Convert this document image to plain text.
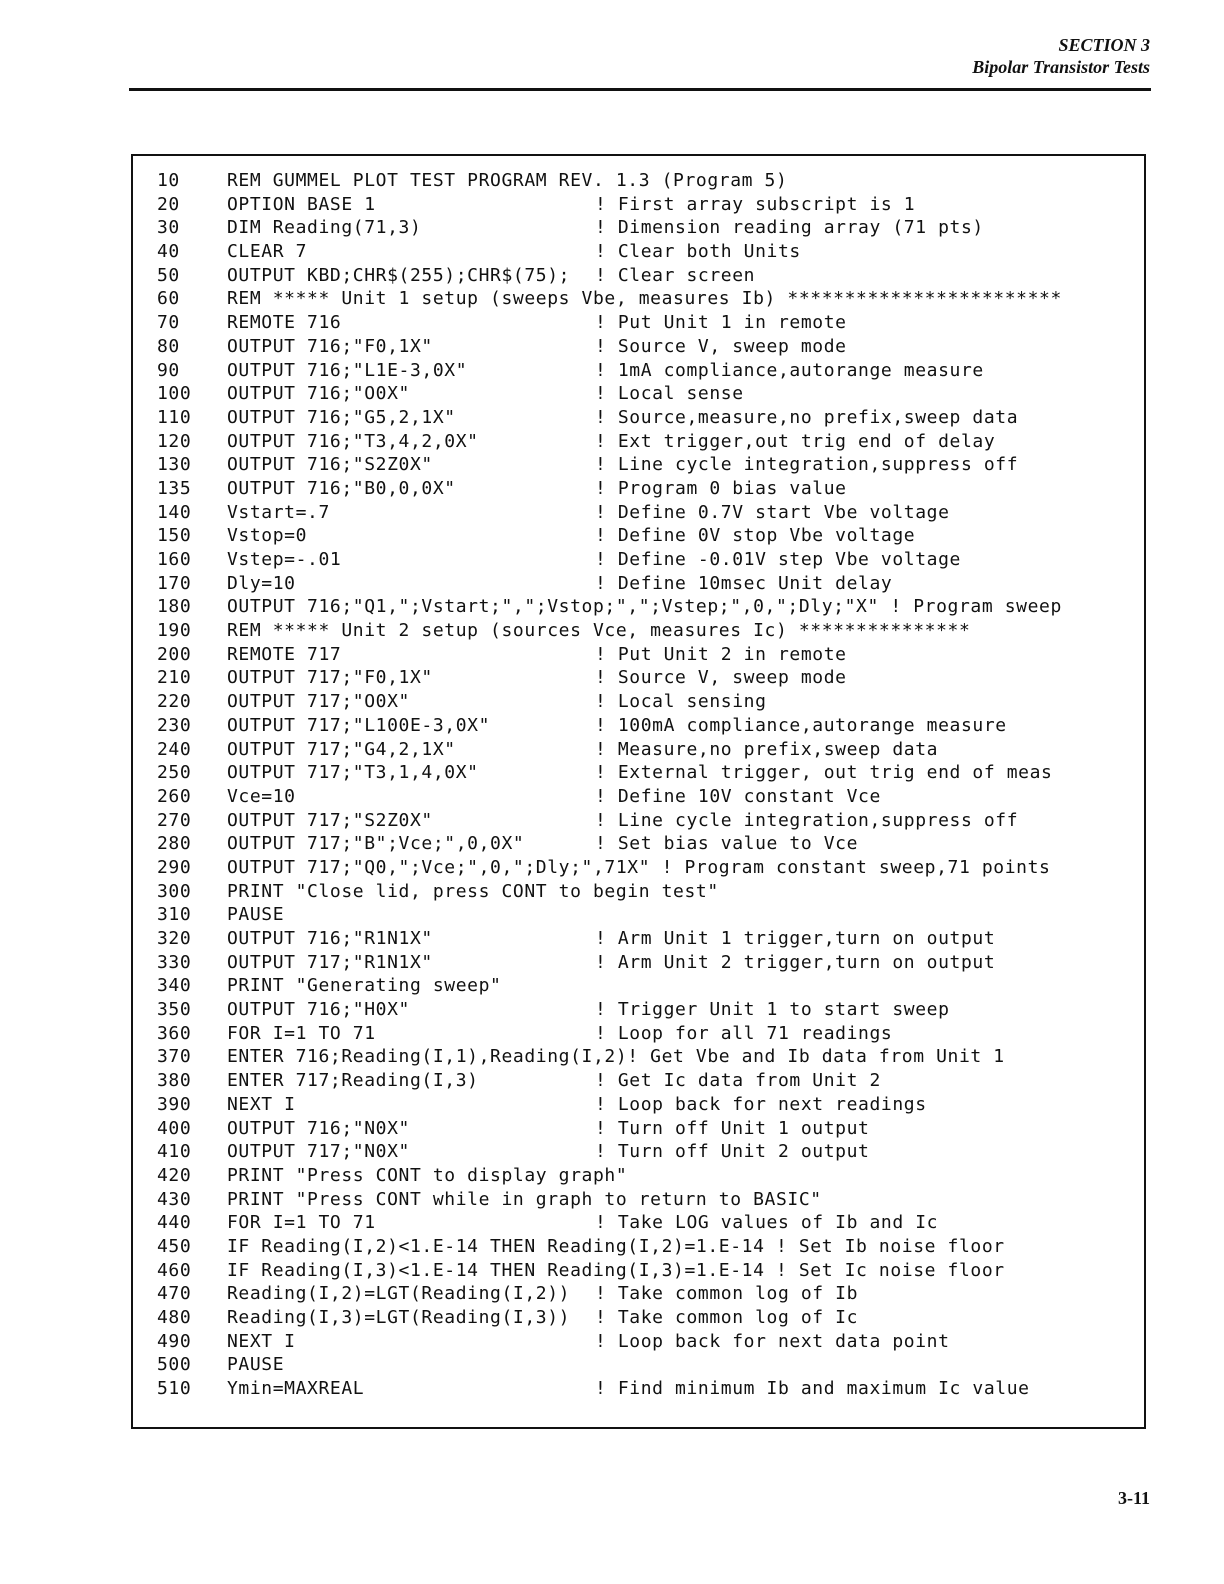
SECTION 3
Bipolar Transistor Tests
10	REM GUMMEL PLOT TEST PROGRAM REV. 1.3 (Program 5)
20	OPTION BASE 1	! First array subscript is 1
30	DIM Reading(71,3)	! Dimension reading array (71 pts)
40	CLEAR 7	! Clear both Units
50	OUTPUT KBD;CHR$(255);CHR$(75); ! Clear screen
60	REM ***** Unit 1 setup (sweeps Vbe, measures Ib) ************************
70	REMOTE 716	! Put Unit 1 in remote
80	OUTPUT 716;"F0,1X"	! Source V, sweep mode
90	OUTPUT 716;"L1E-3,0X"	! 1mA compliance,autorange measure
100 OUTPUT 716;"O0X"	! Local sense
110 OUTPUT 716;"G5,2,1X"	! Source,measure,no prefix,sweep data
120 OUTPUT 716;"T3,4,2,0X"	! Ext trigger,out trig end of delay
130 OUTPUT 716;"S2Z0X"	! Line cycle integration,suppress off
135 OUTPUT 716;"B0,0,0X"	! Program 0 bias value
140 Vstart=.7	! Define 0.7V start Vbe voltage
150 Vstop=0	! Define 0V stop Vbe voltage
160 Vstep=-.01	! Define -0.01V step Vbe voltage
170 Dly=10	! Define 10msec Unit delay
180 OUTPUT 716;"Q1,";Vstart;",";Vstop;",";Vstep;",0,";Dly;"X" ! Program sweep
190 REM ***** Unit 2 setup (sources Vce, measures Ic) ***************
200 REMOTE 717	! Put Unit 2 in remote
210 OUTPUT 717;"F0,1X"	! Source V, sweep mode
220 OUTPUT 717;"O0X"	! Local sensing
230 OUTPUT 717;"L100E-3,0X"	! 100mA compliance,autorange measure
240 OUTPUT 717;"G4,2,1X"	! Measure,no prefix,sweep data
250 OUTPUT 717;"T3,1,4,0X"	! External trigger, out trig end of meas
260 Vce=10	! Define 10V constant Vce
270 OUTPUT 717;"S2Z0X"	! Line cycle integration,suppress off
280 OUTPUT 717;"B";Vce;",0,0X"	! Set bias value to Vce
290 OUTPUT 717;"Q0,";Vce;",0,";Dly;",71X" ! Program constant sweep,71 points
300 PRINT "Close lid, press CONT to begin test"
310 PAUSE
320 OUTPUT 716;"R1N1X"	! Arm Unit 1 trigger,turn on output
330 OUTPUT 717;"R1N1X"	! Arm Unit 2 trigger,turn on output
340 PRINT "Generating sweep"
350 OUTPUT 716;"H0X"	! Trigger Unit 1 to start sweep
360 FOR I=1 TO 71	! Loop for all 71 readings
370 ENTER 716;Reading(I,1),Reading(I,2)! Get Vbe and Ib data from Unit 1
380 ENTER 717;Reading(I,3)	! Get Ic data from Unit 2
390 NEXT I	! Loop back for next readings
400 OUTPUT 716;"N0X"	! Turn off Unit 1 output
410 OUTPUT 717;"N0X"	! Turn off Unit 2 output
420 PRINT "Press CONT to display graph"
430 PRINT "Press CONT while in graph to return to BASIC"
440 FOR I=1 TO 71	! Take LOG values of Ib and Ic
450 IF Reading(I,2)<1.E-14 THEN Reading(I,2)=1.E-14 ! Set Ib noise floor
460 IF Reading(I,3)<1.E-14 THEN Reading(I,3)=1.E-14 ! Set Ic noise floor
470 Reading(I,2)=LGT(Reading(I,2)) ! Take common log of Ib
480 Reading(I,3)=LGT(Reading(I,3)) ! Take common log of Ic
490 NEXT I	! Loop back for next data point
500 PAUSE
510 Ymin=MAXREAL	! Find minimum Ib and maximum Ic value
3-11
